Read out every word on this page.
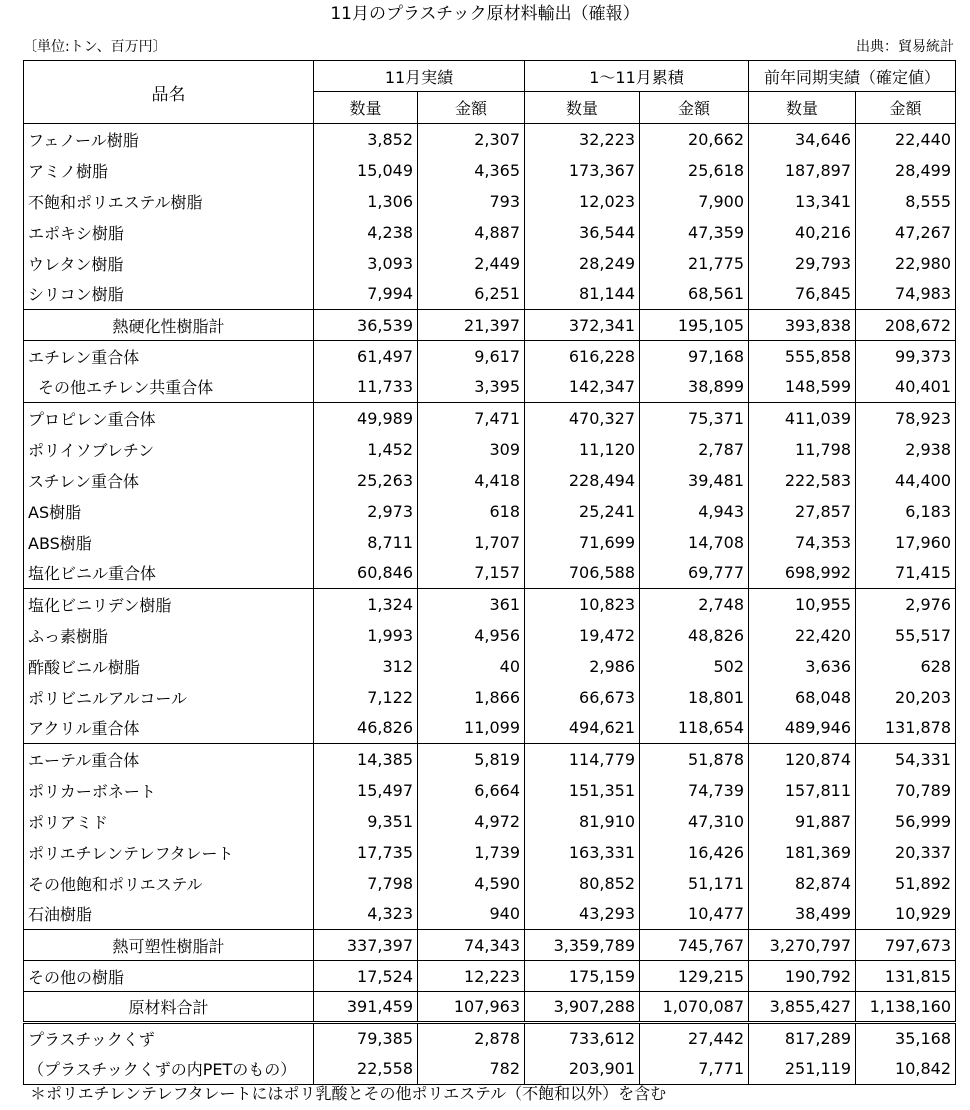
11月のプラスチック原材料輸出（確報）
〔単位:トン、百万円〕	出典：貿易統計
品名	11月実績		1～11月累積		前年同期実績（確定値）	
	数量	金額	数量	金額	数量	金額
フェノール樹脂	3,852	2,307	32,223	20,662	34,646	22,440
アミノ樹脂	15,049	4,365	173,367	25,618	187,897	28,499
不飽和ポリエステル樹脂	1,306	793	12,023	7,900	13,341	8,555
エポキシ樹脂	4,238	4,887	36,544	47,359	40,216	47,267
ウレタン樹脂	3,093	2,449	28,249	21,775	29,793	22,980
シリコン樹脂	7,994	6,251	81,144	68,561	76,845	74,983
熱硬化性樹脂計	36,539	21,397	372,341	195,105	393,838	208,672
エチレン重合体	61,497	9,617	616,228	97,168	555,858	99,373
その他エチレン共重合体	11,733	3,395	142,347	38,899	148,599	40,401
プロピレン重合体	49,989	7,471	470,327	75,371	411,039	78,923
ポリイソブレチン	1,452	309	11,120	2,787	11,798	2,938
スチレン重合体	25,263	4,418	228,494	39,481	222,583	44,400
AS樹脂	2,973	618	25,241	4,943	27,857	6,183
ABS樹脂	8,711	1,707	71,699	14,708	74,353	17,960
塩化ビニル重合体	60,846	7,157	706,588	69,777	698,992	71,415
塩化ビニリデン樹脂	1,324	361	10,823	2,748	10,955	2,976
ふっ素樹脂	1,993	4,956	19,472	48,826	22,420	55,517
酢酸ビニル樹脂	312	40	2,986	502	3,636	628
ポリビニルアルコール	7,122	1,866	66,673	18,801	68,048	20,203
アクリル重合体	46,826	11,099	494,621	118,654	489,946	131,878
エーテル重合体	14,385	5,819	114,779	51,878	120,874	54,331
ポリカーボネート	15,497	6,664	151,351	74,739	157,811	70,789
ポリアミド	9,351	4,972	81,910	47,310	91,887	56,999
ポリエチレンテレフタレート	17,735	1,739	163,331	16,426	181,369	20,337
その他飽和ポリエステル	7,798	4,590	80,852	51,171	82,874	51,892
石油樹脂	4,323	940	43,293	10,477	38,499	10,929
熱可塑性樹脂計	337,397	74,343	3,359,789	745,767	3,270,797	797,673
その他の樹脂	17,524	12,223	175,159	129,215	190,792	131,815
原材料合計	391,459	107,963	3,907,288	1,070,087	3,855,427	1,138,160
プラスチックくず	79,385	2,878	733,612	27,442	817,289	35,168
（プラスチックくずの内PETのもの）	22,558	782	203,901	7,771	251,119	10,842
＊ポリエチレンテレフタレートにはポリ乳酸とその他ポリエステル（不飽和以外）を含む
